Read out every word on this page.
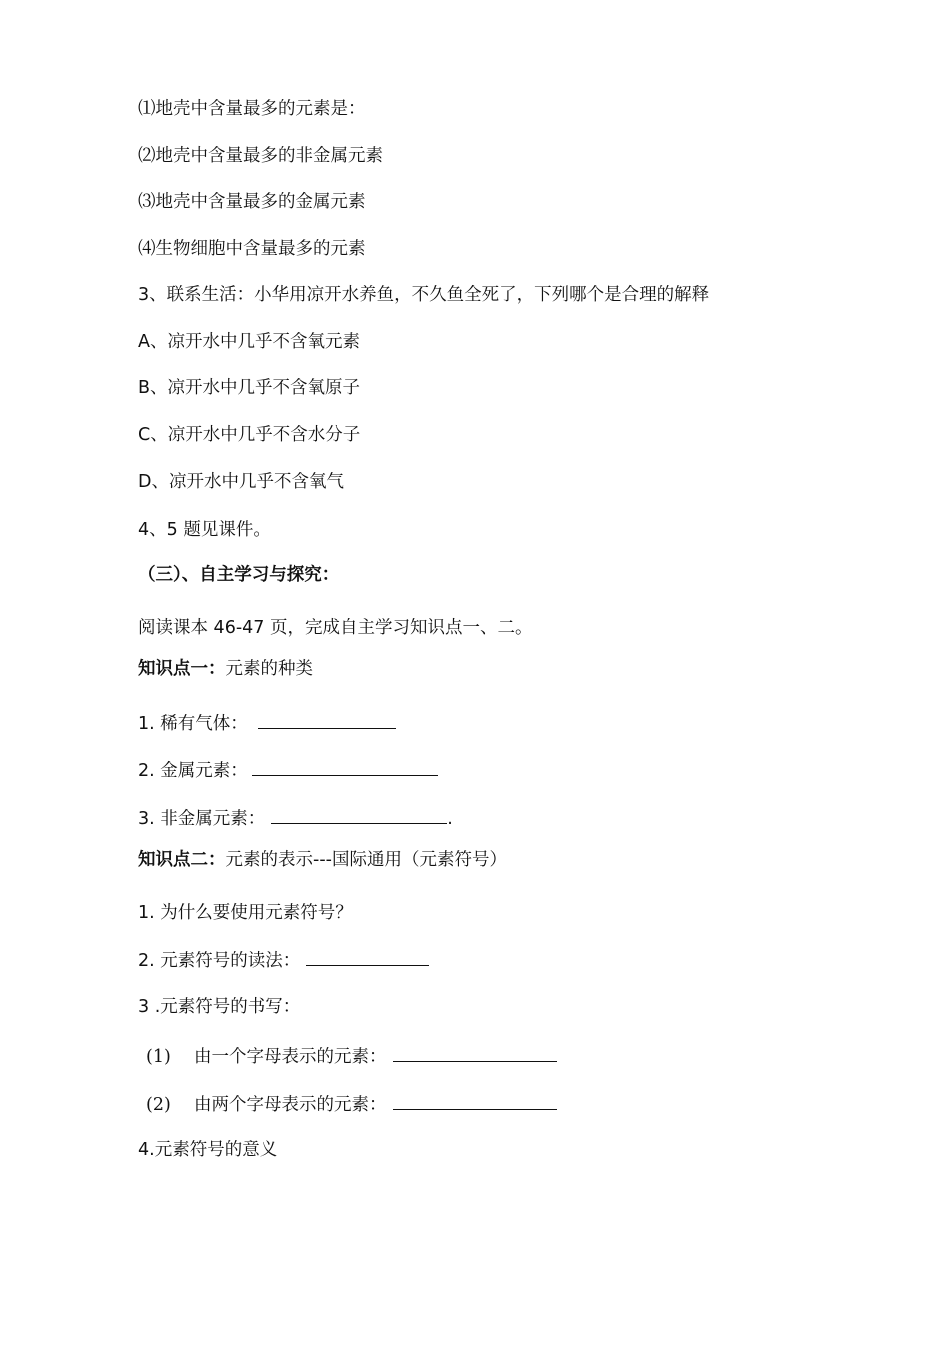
⑴地壳中含量最多的元素是：
⑵地壳中含量最多的非金属元素
⑶地壳中含量最多的金属元素
⑷生物细胞中含量最多的元素
3、联系生活：小华用凉开水养鱼，不久鱼全死了，下列哪个是合理的解释
A、凉开水中几乎不含氧元素
B、凉开水中几乎不含氧原子
C、凉开水中几乎不含水分子
D、凉开水中几乎不含氧气
4、5 题见课件。
（三）、自主学习与探究：
阅读课本 46-47 页，完成自主学习知识点一、二。
知识点一：元素的种类
1. 稀有气体：
2. 金属元素：
3. 非金属元素：	.
知识点二：元素的表示---国际通用（元素符号）
1. 为什么要使用元素符号？
2. 元素符号的读法：
3 .元素符号的书写：
(1) 由一个字母表示的元素：
(2) 由两个字母表示的元素：
4.元素符号的意义
